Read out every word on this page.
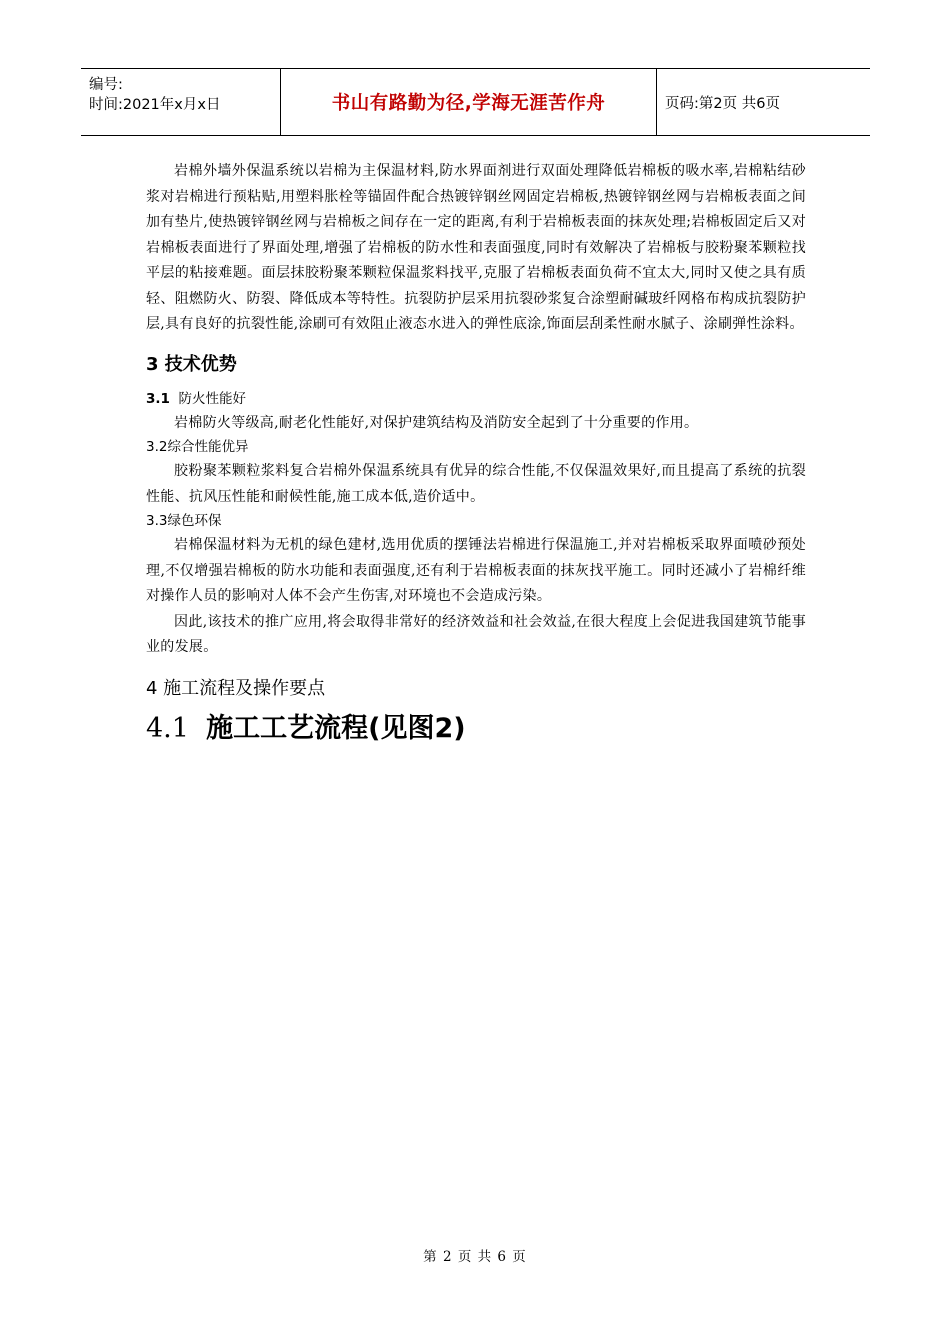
编号:
时间:2021年x月x日	书山有路勤为径,学海无涯苦作舟	页码:第2页 共6页

岩棉外墙外保温系统以岩棉为主保温材料,防水界面剂进行双面处理降低岩棉板的吸水率,岩棉粘结砂浆对岩棉进行预粘贴,用塑料胀栓等锚固件配合热镀锌钢丝网固定岩棉板,热镀锌钢丝网与岩棉板表面之间加有垫片,使热镀锌钢丝网与岩棉板之间存在一定的距离,有利于岩棉板表面的抹灰处理;岩棉板固定后又对岩棉板表面进行了界面处理,增强了岩棉板的防水性和表面强度,同时有效解决了岩棉板与胶粉聚苯颗粒找平层的粘接难题。面层抹胶粉聚苯颗粒保温浆料找平,克服了岩棉板表面负荷不宜太大,同时又使之具有质轻、阻燃防火、防裂、降低成本等特性。抗裂防护层采用抗裂砂浆复合涂塑耐碱玻纤网格布构成抗裂防护层,具有良好的抗裂性能,涂刷可有效阻止液态水进入的弹性底涂,饰面层刮柔性耐水腻子、涂刷弹性涂料。

3 技术优势
3.1 防火性能好

岩棉防火等级高,耐老化性能好,对保护建筑结构及消防安全起到了十分重要的作用。

3.2综合性能优异

胶粉聚苯颗粒浆料复合岩棉外保温系统具有优异的综合性能,不仅保温效果好,而且提高了系统的抗裂性能、抗风压性能和耐候性能,施工成本低,造价适中。

3.3绿色环保

岩棉保温材料为无机的绿色建材,选用优质的摆锤法岩棉进行保温施工,并对岩棉板采取界面喷砂预处理,不仅增强岩棉板的防水功能和表面强度,还有利于岩棉板表面的抹灰找平施工。同时还减小了岩棉纤维对操作人员的影响对人体不会产生伤害,对环境也不会造成污染。

因此,该技术的推广应用,将会取得非常好的经济效益和社会效益,在很大程度上会促进我国建筑节能事业的发展。

4 施工流程及操作要点
4.1 施工工艺流程(见图2)
第 2 页 共 6 页
